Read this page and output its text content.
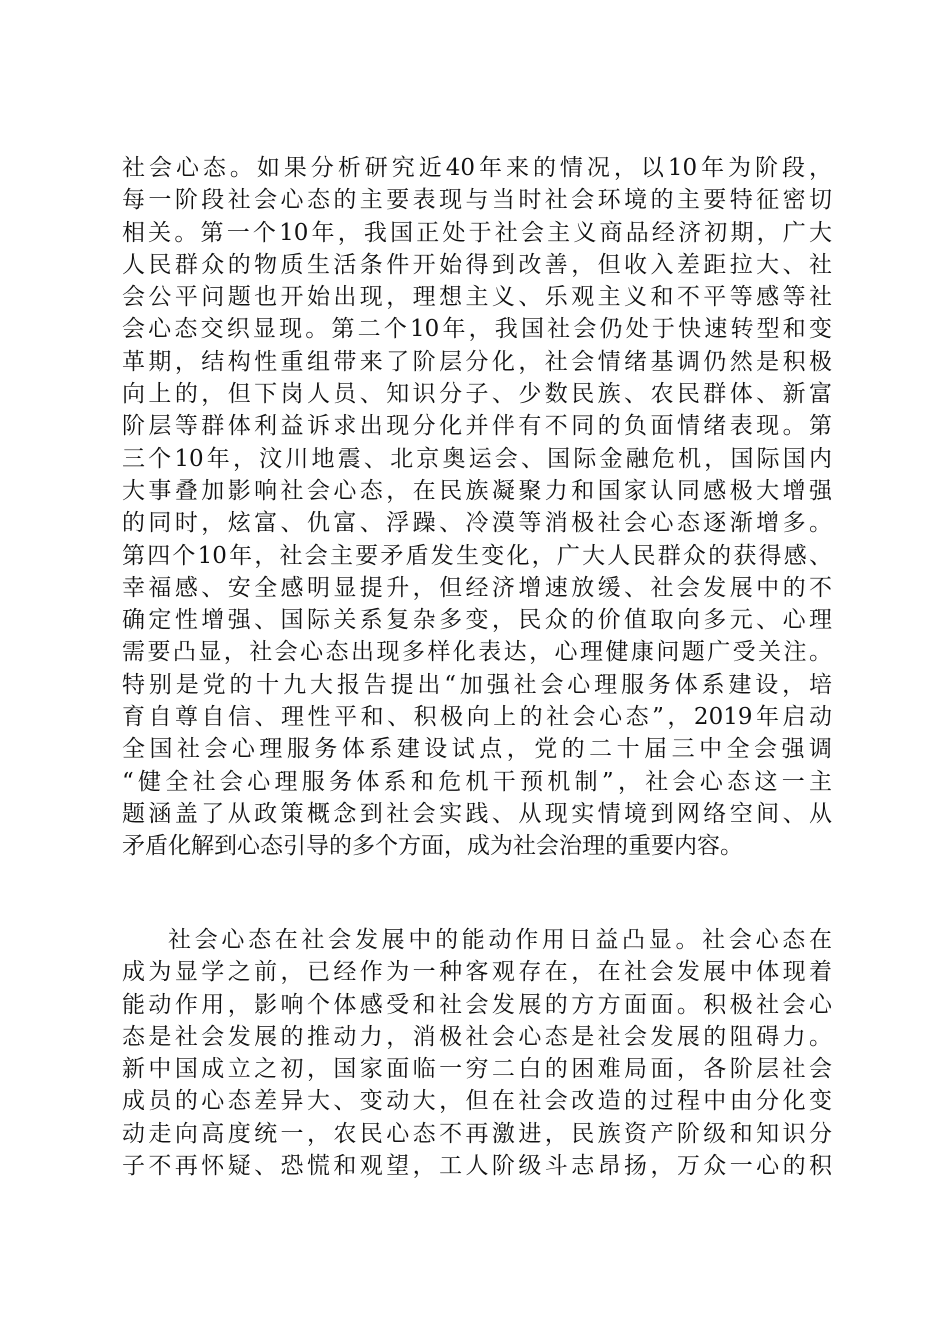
社会心态。如果分析研究近40年来的情况，以10年为阶段，
每一阶段社会心态的主要表现与当时社会环境的主要特征密切
相关。第一个10年，我国正处于社会主义商品经济初期，广大
人民群众的物质生活条件开始得到改善，但收入差距拉大、社
会公平问题也开始出现，理想主义、乐观主义和不平等感等社
会心态交织显现。第二个10年，我国社会仍处于快速转型和变
革期，结构性重组带来了阶层分化，社会情绪基调仍然是积极
向上的，但下岗人员、知识分子、少数民族、农民群体、新富
阶层等群体利益诉求出现分化并伴有不同的负面情绪表现。第
三个10年，汶川地震、北京奥运会、国际金融危机，国际国内
大事叠加影响社会心态，在民族凝聚力和国家认同感极大增强
的同时，炫富、仇富、浮躁、冷漠等消极社会心态逐渐增多。
第四个10年，社会主要矛盾发生变化，广大人民群众的获得感、
幸福感、安全感明显提升，但经济增速放缓、社会发展中的不
确定性增强、国际关系复杂多变，民众的价值取向多元、心理
需要凸显，社会心态出现多样化表达，心理健康问题广受关注。
特别是党的十九大报告提出“加强社会心理服务体系建设，培
育自尊自信、理性平和、积极向上的社会心态”，2019年启动
全国社会心理服务体系建设试点，党的二十届三中全会强调
“健全社会心理服务体系和危机干预机制”，社会心态这一主
题涵盖了从政策概念到社会实践、从现实情境到网络空间、从
矛盾化解到心态引导的多个方面，成为社会治理的重要内容。
社会心态在社会发展中的能动作用日益凸显。社会心态在
成为显学之前，已经作为一种客观存在，在社会发展中体现着
能动作用，影响个体感受和社会发展的方方面面。积极社会心
态是社会发展的推动力，消极社会心态是社会发展的阻碍力。
新中国成立之初，国家面临一穷二白的困难局面，各阶层社会
成员的心态差异大、变动大，但在社会改造的过程中由分化变
动走向高度统一，农民心态不再激进，民族资产阶级和知识分
子不再怀疑、恐慌和观望，工人阶级斗志昂扬，万众一心的积
